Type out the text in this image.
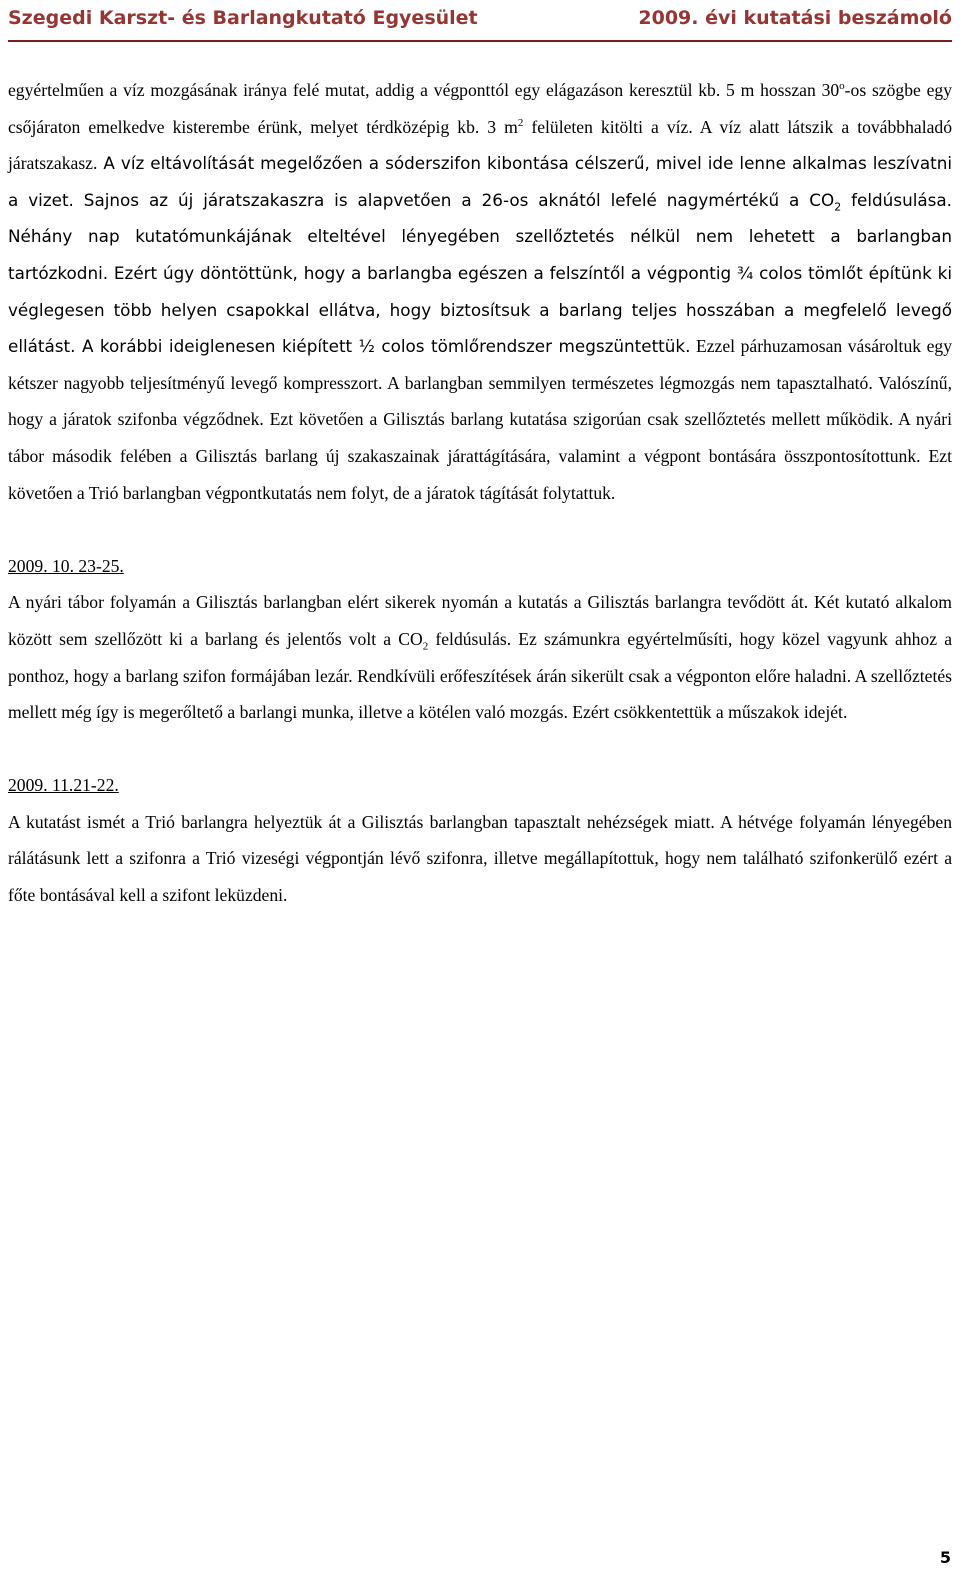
Szegedi Karszt- és Barlangkutató Egyesület	2009. évi kutatási beszámoló

egyértelműen a víz mozgásának iránya felé mutat, addig a végponttól egy elágazáson keresztül kb. 5 m hosszan 30$^o$-os szögbe egy csőjáraton emelkedve kisterembe érünk, melyet térdközépig kb. 3 $m^2$ felületen kitölti a víz. A víz alatt látszik a továbbhaladó járatszakasz. A víz eltávolítását megelőzően a sóderszifon kibontása célszerű, mivel ide lenne alkalmas leszívatni a vizet. Sajnos az új járatszakaszra is alapvetően a 26-os aknától lefelé nagymértékű a $CO_2$ feldúsulása. Néhány nap kutatómunkájának elteltével lényegében szellőztetés nélkül nem lehetett a barlangban tartózkodni. Ezért úgy döntöttünk, hogy a barlangba egészen a felszíntől a végpontig ¾ colos tömlőt építünk ki véglegesen több helyen csapokkal ellátva, hogy biztosítsuk a barlang teljes hosszában a megfelelő levegő ellátást. A korábbi ideiglenesen kiépített ½ colos tömlőrendszer megszüntettük. Ezzel párhuzamosan vásároltuk egy kétszer nagyobb teljesítményű levegő kompresszort. A barlangban semmilyen természetes légmozgás nem tapasztalható. Valószínű, hogy a járatok szifonba végződnek. Ezt követően a Gilisztás barlang kutatása szigorúan csak szellőztetés mellett működik. A nyári tábor második felében a Gilisztás barlang új szakaszainak járattágítására, valamint a végpont bontására összpontosítottunk. Ezt követően a Trió barlangban végpontkutatás nem folyt, de a járatok tágítását folytattuk.

2009. 10. 23-25.

A nyári tábor folyamán a Gilisztás barlangban elért sikerek nyomán a kutatás a Gilisztás barlangra tevődött át. Két kutató alkalom között sem szellőzött ki a barlang és jelentős volt a $CO_2$ feldúsulás. Ez számunkra egyértelműsíti, hogy közel vagyunk ahhoz a ponthoz, hogy a barlang szifon formájában lezár. Rendkívüli erőfeszítések árán sikerült csak a végponton előre haladni. A szellőztetés mellett még így is megerőltető a barlangi munka, illetve a kötélen való mozgás. Ezért csökkentettük a műszakok idejét.

2009. 11.21-22.

A kutatást ismét a Trió barlangra helyeztük át a Gilisztás barlangban tapasztalt nehézségek miatt. A hétvége folyamán lényegében rálátásunk lett a szifonra a Trió vizeségi végpontján lévő szifonra, illetve megállapítottuk, hogy nem található szifonkerülő ezért a főte bontásával kell a szifont leküzdeni.

5
